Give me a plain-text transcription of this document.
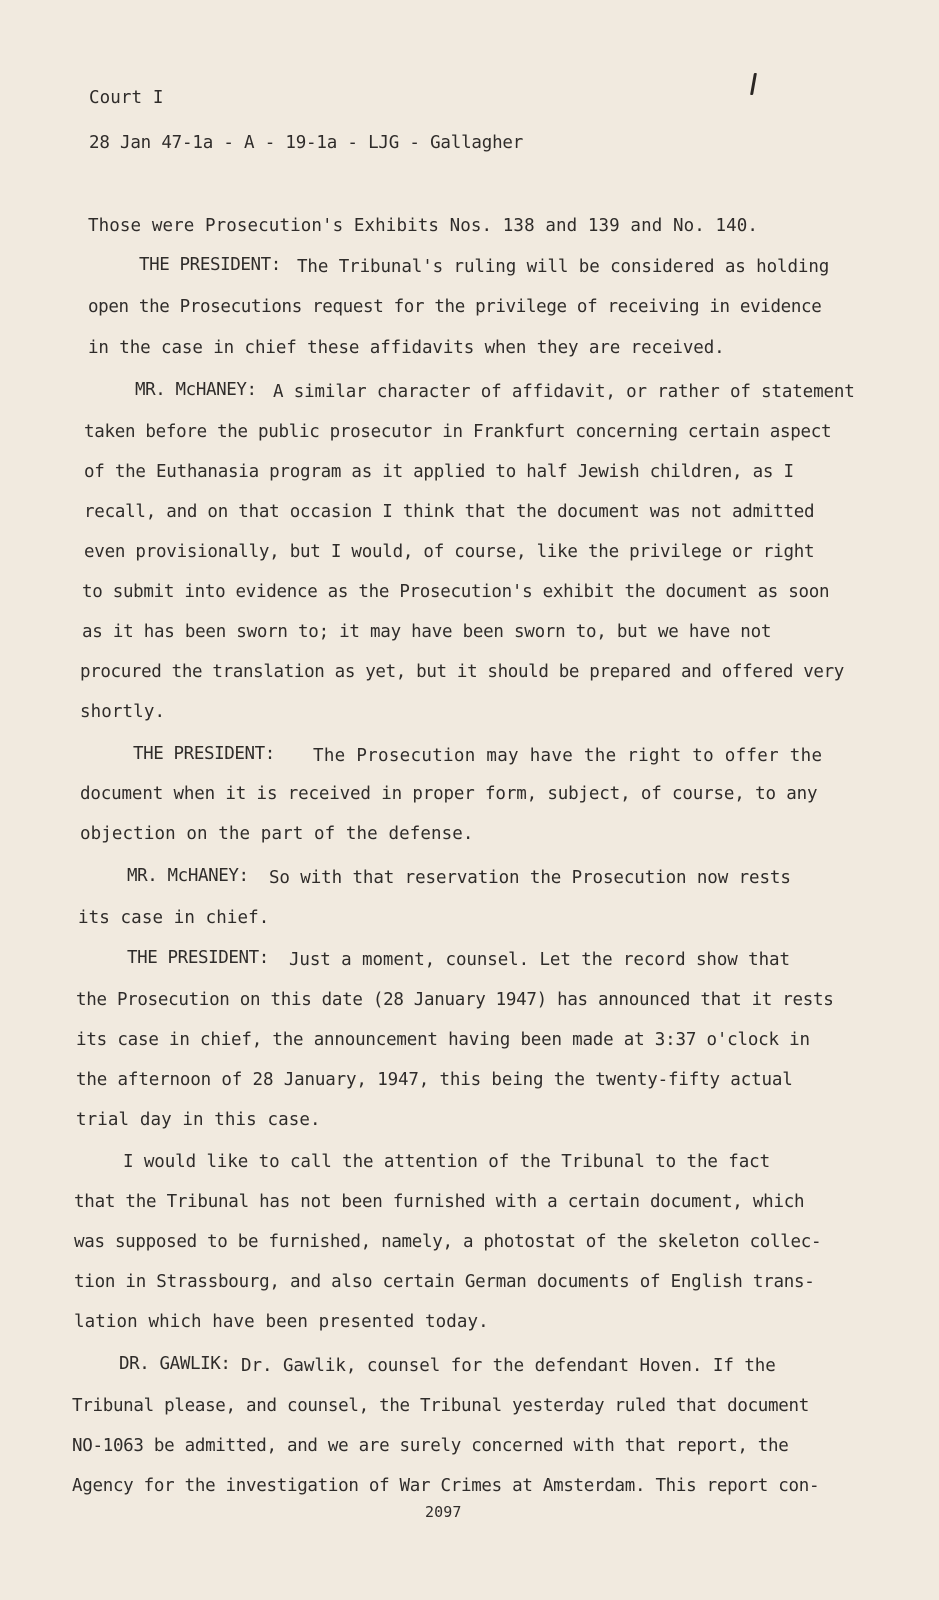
Court I
28 Jan 47-1a - A - 19-1a - LJG - Gallagher
Those were Prosecution's Exhibits Nos. 138 and 139 and No. 140.
THE PRESIDENT: The Tribunal's ruling will be considered as holding
open the Prosecutions request for the privilege of receiving in evidence
in the case in chief these affidavits when they are received.
MR. McHANEY: A similar character of affidavit, or rather of statement
taken before the public prosecutor in Frankfurt concerning certain aspect
of the Euthanasia program as it applied to half Jewish children, as I
recall, and on that occasion I think that the document was not admitted
even provisionally, but I would, of course, like the privilege or right
to submit into evidence as the Prosecution's exhibit the document as soon
as it has been sworn to; it may have been sworn to, but we have not
procured the translation as yet, but it should be prepared and offered very
shortly.
THE PRESIDENT: The Prosecution may have the right to offer the
document when it is received in proper form, subject, of course, to any
objection on the part of the defense.
MR. McHANEY: So with that reservation the Prosecution now rests
its case in chief.
THE PRESIDENT: Just a moment, counsel. Let the record show that
the Prosecution on this date (28 January 1947) has announced that it rests
its case in chief, the announcement having been made at 3:37 o'clock in
the afternoon of 28 January, 1947, this being the twenty-fifty actual
trial day in this case.
I would like to call the attention of the Tribunal to the fact
that the Tribunal has not been furnished with a certain document, which
was supposed to be furnished, namely, a photostat of the skeleton collec-
tion in Strassbourg, and also certain German documents of English trans-
lation which have been presented today.
DR. GAWLIK: Dr. Gawlik, counsel for the defendant Hoven. If the
Tribunal please, and counsel, the Tribunal yesterday ruled that document
NO-1063 be admitted, and we are surely concerned with that report, the
Agency for the investigation of War Crimes at Amsterdam. This report con-
2097
